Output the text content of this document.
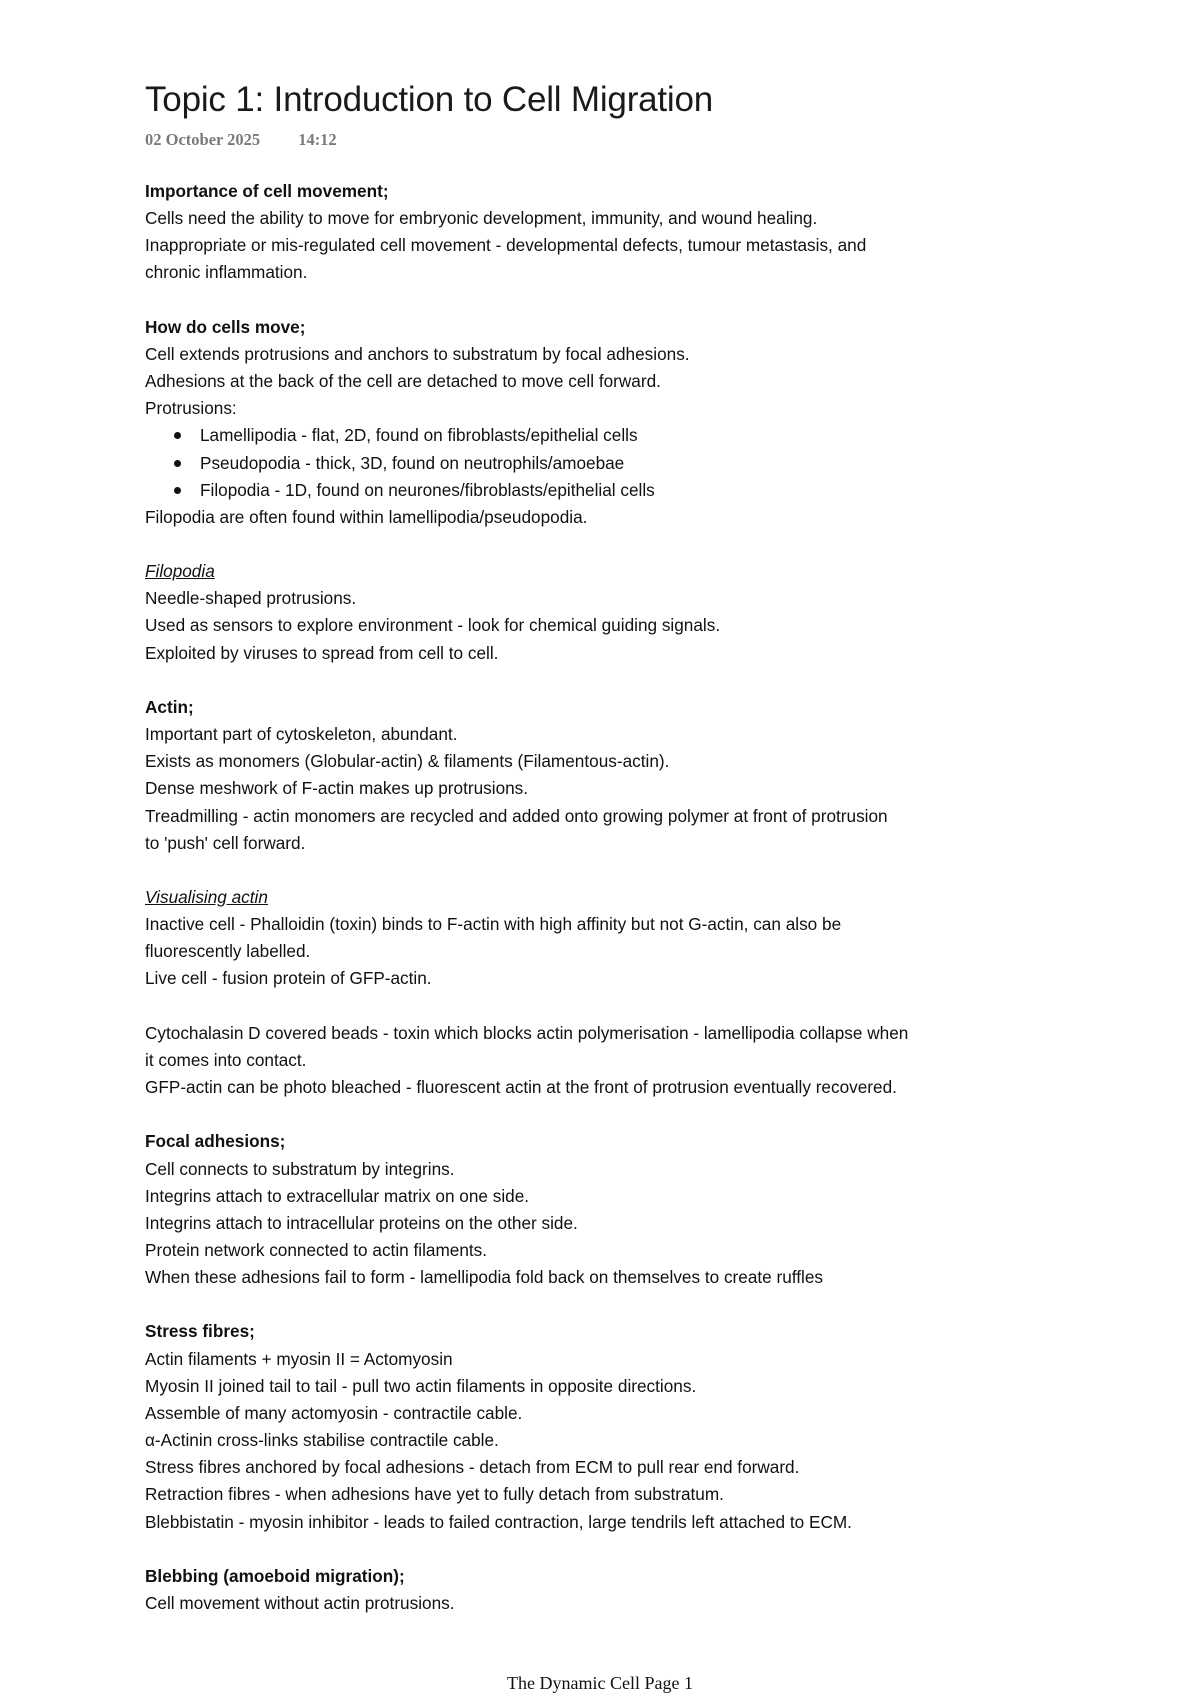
Topic 1: Introduction to Cell Migration
02 October 2025 14:12
Importance of cell movement;
Cells need the ability to move for embryonic development, immunity, and wound healing.
Inappropriate or mis-regulated cell movement - developmental defects, tumour metastasis, and
chronic inflammation.
How do cells move;
Cell extends protrusions and anchors to substratum by focal adhesions.
Adhesions at the back of the cell are detached to move cell forward.
Protrusions:
Lamellipodia - flat, 2D, found on fibroblasts/epithelial cells
Pseudopodia - thick, 3D, found on neutrophils/amoebae
Filopodia - 1D, found on neurones/fibroblasts/epithelial cells
Filopodia are often found within lamellipodia/pseudopodia.
Filopodia
Needle-shaped protrusions.
Used as sensors to explore environment - look for chemical guiding signals.
Exploited by viruses to spread from cell to cell.
Actin;
Important part of cytoskeleton, abundant.
Exists as monomers (Globular-actin) & filaments (Filamentous-actin).
Dense meshwork of F-actin makes up protrusions.
Treadmilling - actin monomers are recycled and added onto growing polymer at front of protrusion
to 'push' cell forward.
Visualising actin
Inactive cell - Phalloidin (toxin) binds to F-actin with high affinity but not G-actin, can also be
fluorescently labelled.
Live cell - fusion protein of GFP-actin.
Cytochalasin D covered beads - toxin which blocks actin polymerisation - lamellipodia collapse when
it comes into contact.
GFP-actin can be photo bleached - fluorescent actin at the front of protrusion eventually recovered.
Focal adhesions;
Cell connects to substratum by integrins.
Integrins attach to extracellular matrix on one side.
Integrins attach to intracellular proteins on the other side.
Protein network connected to actin filaments.
When these adhesions fail to form - lamellipodia fold back on themselves to create ruffles
Stress fibres;
Actin filaments + myosin II = Actomyosin
Myosin II joined tail to tail - pull two actin filaments in opposite directions.
Assemble of many actomyosin - contractile cable.
α-Actinin cross-links stabilise contractile cable.
Stress fibres anchored by focal adhesions - detach from ECM to pull rear end forward.
Retraction fibres - when adhesions have yet to fully detach from substratum.
Blebbistatin - myosin inhibitor - leads to failed contraction, large tendrils left attached to ECM.
Blebbing (amoeboid migration);
Cell movement without actin protrusions.
The Dynamic Cell Page 1
